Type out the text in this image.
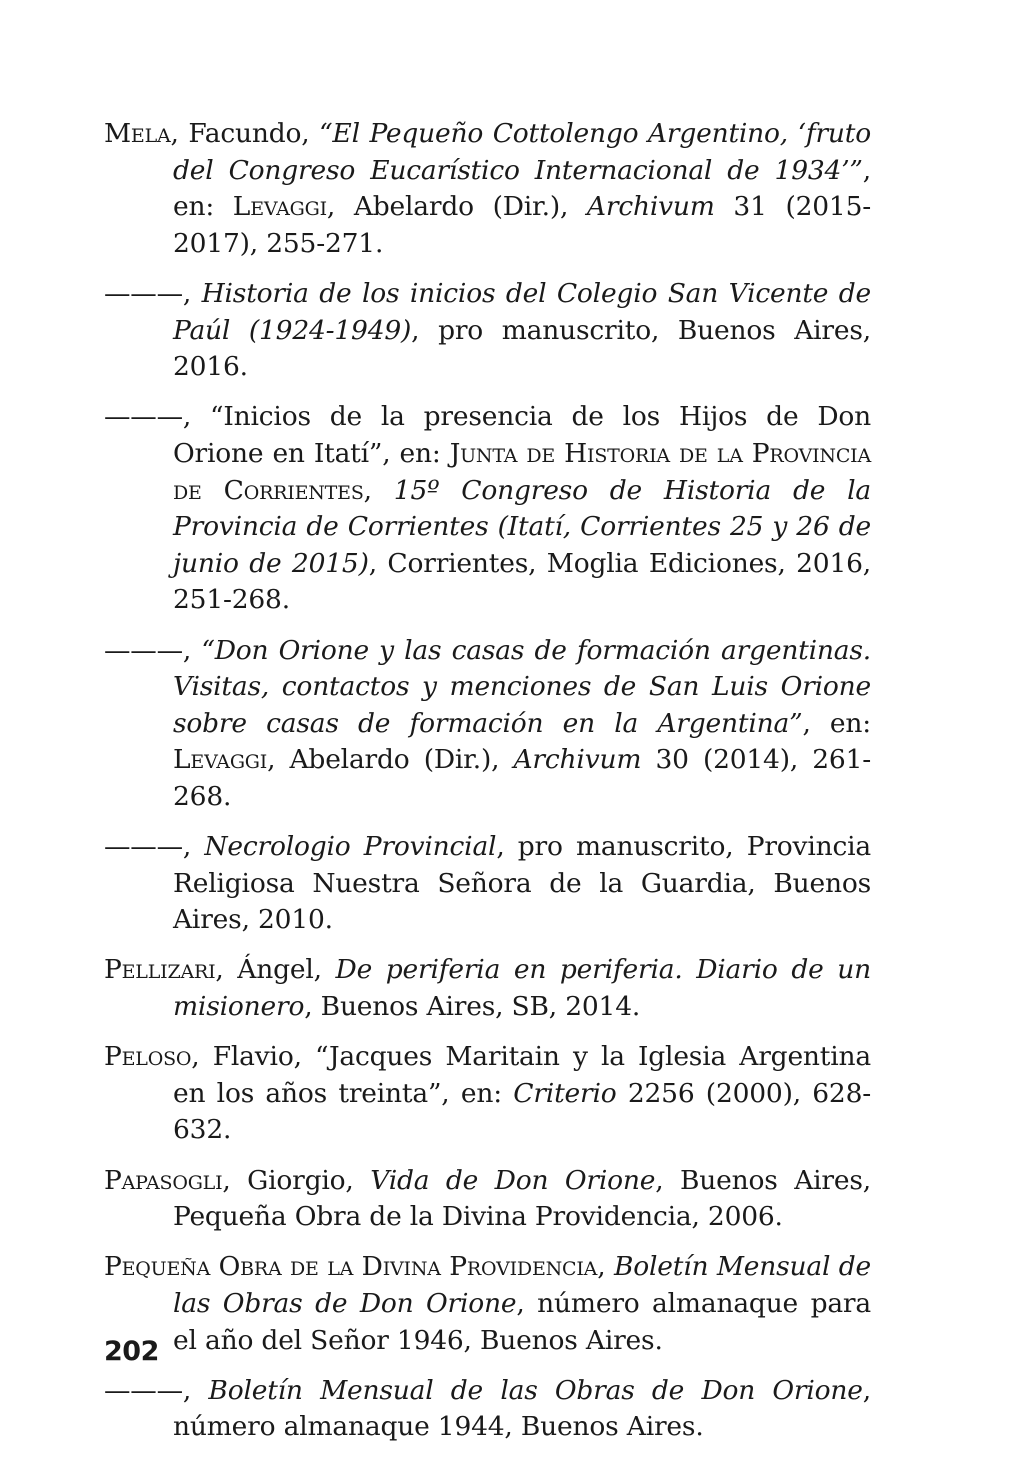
Mela, Facundo, “El Pequeño Cottolengo Argentino, ‘fruto del Congreso Eucarístico Internacional de 1934’”, en: Levaggi, Abelardo (Dir.), Archivum 31 (2015-2017), 255-271.

———, Historia de los inicios del Colegio San Vicente de Paúl (1924-1949), pro manuscrito, Buenos Aires, 2016.

———, “Inicios de la presencia de los Hijos de Don Orione en Itatí”, en: Junta de Historia de la Provincia de Corrientes, 15º Congreso de Historia de la Provincia de Corrientes (Itatí, Corrientes 25 y 26 de junio de 2015), Corrientes, Moglia Ediciones, 2016, 251-268.

———, “Don Orione y las casas de formación argentinas. Visitas, contactos y menciones de San Luis Orione sobre casas de formación en la Argentina”, en: Levaggi, Abelardo (Dir.), Archivum 30 (2014), 261-268.

———, Necrologio Provincial, pro manuscrito, Provincia Religiosa Nuestra Señora de la Guardia, Buenos Aires, 2010.

Pellizari, Ángel, De periferia en periferia. Diario de un misionero, Buenos Aires, SB, 2014.

Peloso, Flavio, “Jacques Maritain y la Iglesia Argentina en los años treinta”, en: Criterio 2256 (2000), 628-632.

Papasogli, Giorgio, Vida de Don Orione, Buenos Aires, Pequeña Obra de la Divina Providencia, 2006.

Pequeña Obra de la Divina Providencia, Boletín Mensual de las Obras de Don Orione, número almanaque para el año del Señor 1946, Buenos Aires.

———, Boletín Mensual de las Obras de Don Orione, número almanaque 1944, Buenos Aires.

202
